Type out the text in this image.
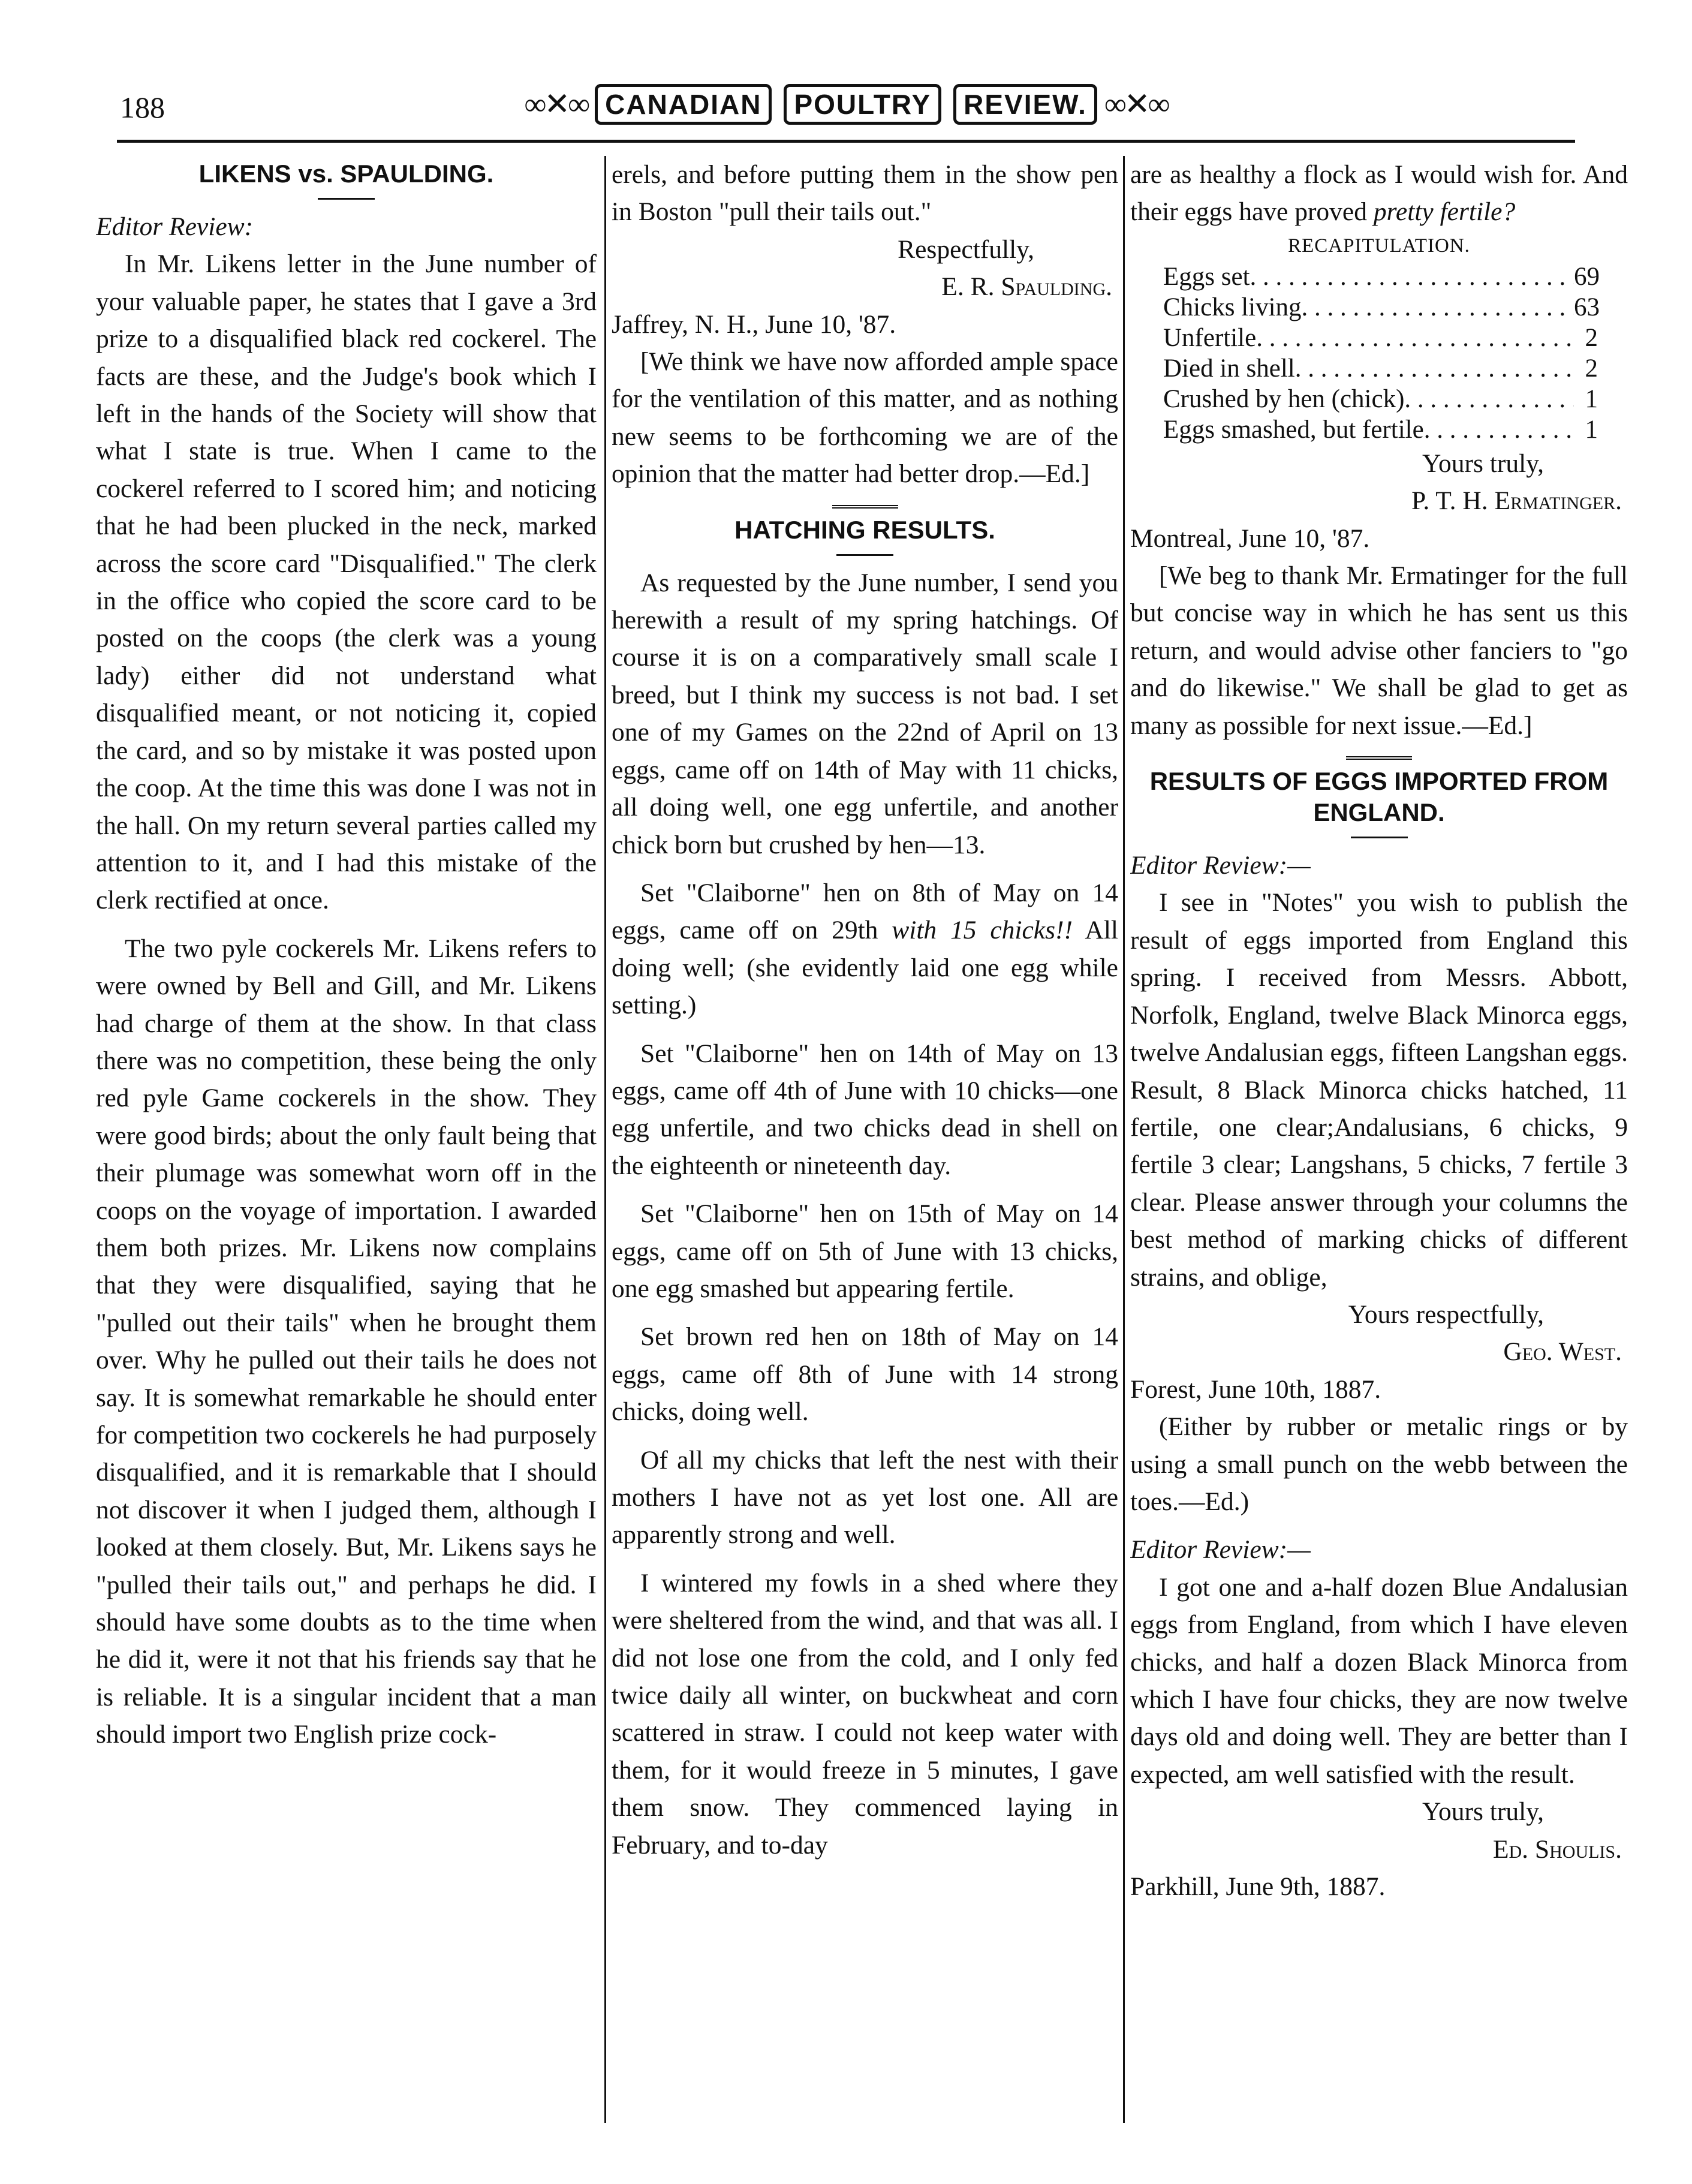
188	∞✕∞ CANADIAN POULTRY REVIEW. ∞✕∞
LIKENS vs. SPAULDING.

Editor Review:

In Mr. Likens letter in the June number of your valuable paper, he states that I gave a 3rd prize to a disqualified black red cockerel. The facts are these, and the Judge's book which I left in the hands of the Society will show that what I state is true. When I came to the cockerel referred to I scored him; and noticing that he had been plucked in the neck, marked across the score card "Disqualified." The clerk in the office who copied the score card to be posted on the coops (the clerk was a young lady) either did not understand what disqualified meant, or not noticing it, copied the card, and so by mistake it was posted upon the coop. At the time this was done I was not in the hall. On my return several parties called my attention to it, and I had this mistake of the clerk rectified at once.

The two pyle cockerels Mr. Likens refers to were owned by Bell and Gill, and Mr. Likens had charge of them at the show. In that class there was no competition, these being the only red pyle Game cockerels in the show. They were good birds; about the only fault being that their plumage was somewhat worn off in the coops on the voyage of importation. I awarded them both prizes. Mr. Likens now complains that they were disqualified, saying that he "pulled out their tails" when he brought them over. Why he pulled out their tails he does not say. It is somewhat remarkable he should enter for competition two cockerels he had purposely disqualified, and it is remarkable that I should not discover it when I judged them, although I looked at them closely. But, Mr. Likens says he "pulled their tails out," and perhaps he did. I should have some doubts as to the time when he did it, were it not that his friends say that he is reliable. It is a singular incident that a man should import two English prize cock-

erels, and before putting them in the show pen in Boston "pull their tails out."

Respectfully,
E. R. Spaulding.

Jaffrey, N. H., June 10, '87.

[We think we have now afforded ample space for the ventilation of this matter, and as nothing new seems to be forthcoming we are of the opinion that the matter had better drop.—Ed.]

HATCHING RESULTS.

As requested by the June number, I send you herewith a result of my spring hatchings. Of course it is on a comparatively small scale I breed, but I think my success is not bad. I set one of my Games on the 22nd of April on 13 eggs, came off on 14th of May with 11 chicks, all doing well, one egg unfertile, and another chick born but crushed by hen—13.

Set "Claiborne" hen on 8th of May on 14 eggs, came off on 29th with 15 chicks!! All doing well; (she evidently laid one egg while setting.)

Set "Claiborne" hen on 14th of May on 13 eggs, came off 4th of June with 10 chicks—one egg unfertile, and two chicks dead in shell on the eighteenth or nineteenth day.

Set "Claiborne" hen on 15th of May on 14 eggs, came off on 5th of June with 13 chicks, one egg smashed but appearing fertile.

Set brown red hen on 18th of May on 14 eggs, came off 8th of June with 14 strong chicks, doing well.

Of all my chicks that left the nest with their mothers I have not as yet lost one. All are apparently strong and well.

I wintered my fowls in a shed where they were sheltered from the wind, and that was all. I did not lose one from the cold, and I only fed twice daily all winter, on buckwheat and corn scattered in straw. I could not keep water with them, for it would freeze in 5 minutes, I gave them snow. They commenced laying in February, and to-day

are as healthy a flock as I would wish for. And their eggs have proved pretty fertile?

RECAPITULATION.
Eggs set . . .	69
Chicks living . . .	63
Unfertile . . .	2
Died in shell . . .	2
Crushed by hen (chick) . . .	1
Eggs smashed, but fertile . . .	1
Yours truly,
P. T. H. Ermatinger.

Montreal, June 10, '87.

[We beg to thank Mr. Ermatinger for the full but concise way in which he has sent us this return, and would advise other fanciers to "go and do likewise." We shall be glad to get as many as possible for next issue.—Ed.]

RESULTS OF EGGS IMPORTED FROM ENGLAND.

Editor Review:—

I see in "Notes" you wish to publish the result of eggs imported from England this spring. I received from Messrs. Abbott, Norfolk, England, twelve Black Minorca eggs, twelve Andalusian eggs, fifteen Langshan eggs. Result, 8 Black Minorca chicks hatched, 11 fertile, one clear;Andalusians, 6 chicks, 9 fertile 3 clear; Langshans, 5 chicks, 7 fertile 3 clear. Please answer through your columns the best method of marking chicks of different strains, and oblige,

Yours respectfully,
Geo. West.

Forest, June 10th, 1887.

(Either by rubber or metalic rings or by using a small punch on the webb between the toes.—Ed.)

Editor Review:—

I got one and a-half dozen Blue Andalusian eggs from England, from which I have eleven chicks, and half a dozen Black Minorca from which I have four chicks, they are now twelve days old and doing well. They are better than I expected, am well satisfied with the result.

Yours truly,
Ed. Shoulis.

Parkhill, June 9th, 1887.
